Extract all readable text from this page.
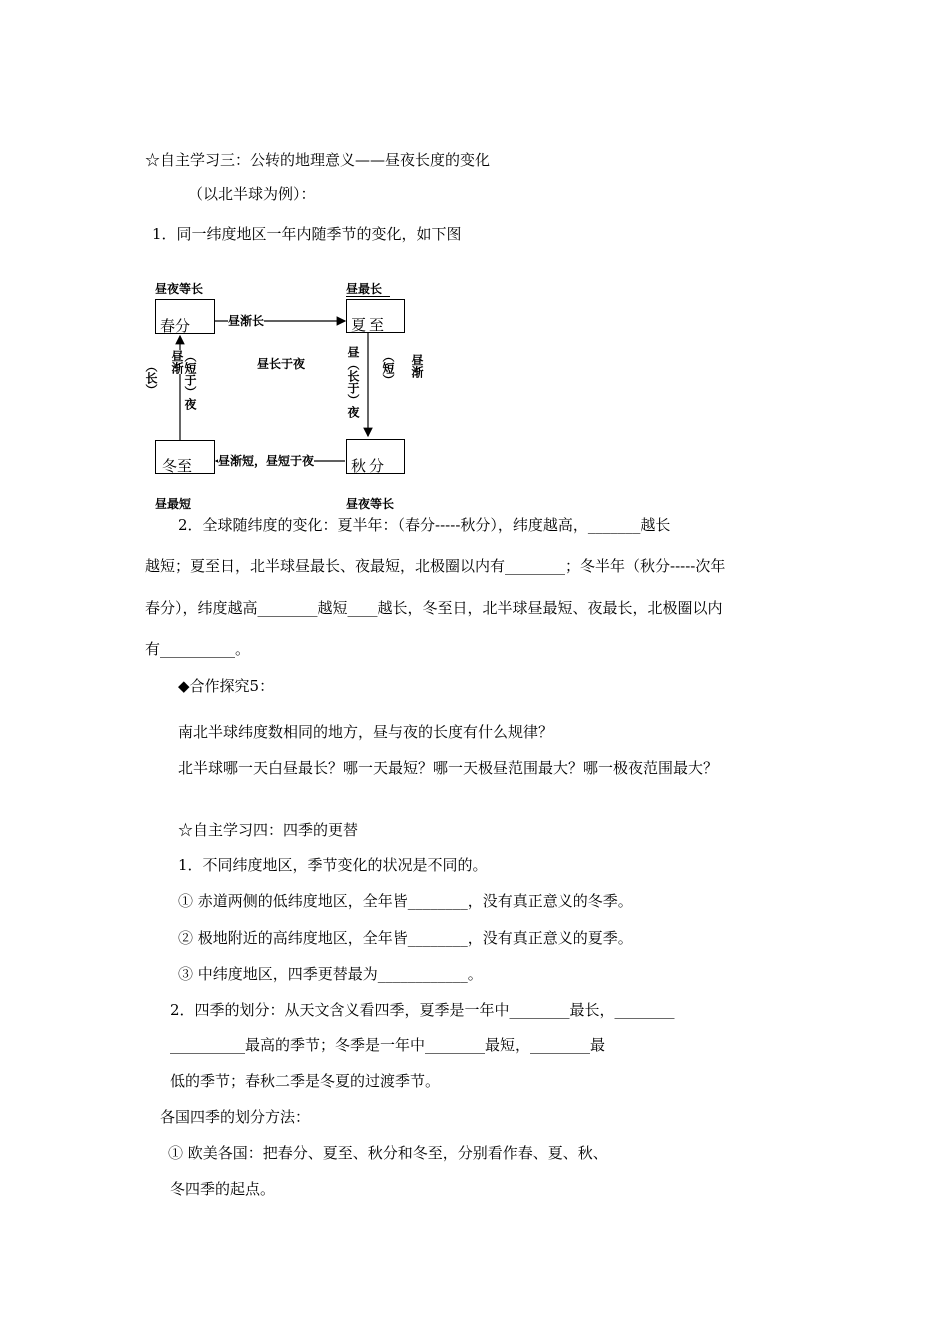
☆自主学习三：公转的地理意义——昼夜长度的变化
（以北半球为例）：
1．同一纬度地区一年内随季节的变化，如下图
昼夜等长	昼最长
春分	夏至
秋分
冬至
昼渐长
昼长于夜
（长） 昼渐 （短于）夜	昼（长于）夜 （短） 昼渐
昼渐短，昼短于夜
昼最短	昼夜等长
2．全球随纬度的变化：夏半年：（春分-----秋分），纬度越高，_______越长
越短；夏至日，北半球昼最长、夜最短，北极圈以内有________；冬半年（秋分-----次年
春分），纬度越高________越短____越长，冬至日，北半球昼最短、夜最长，北极圈以内
有__________。
◆合作探究5：
南北半球纬度数相同的地方，昼与夜的长度有什么规律？
北半球哪一天白昼最长？哪一天最短？哪一天极昼范围最大？哪一极夜范围最大？
☆自主学习四：四季的更替
1．不同纬度地区，季节变化的状况是不同的。
① 赤道两侧的低纬度地区，全年皆________，没有真正意义的冬季。
② 极地附近的高纬度地区，全年皆________，没有真正意义的夏季。
③ 中纬度地区，四季更替最为____________。
2．四季的划分：从天文含义看四季，夏季是一年中________最长，________
__________最高的季节；冬季是一年中________最短，________最
低的季节；春秋二季是冬夏的过渡季节。
各国四季的划分方法：
① 欧美各国：把春分、夏至、秋分和冬至，分别看作春、夏、秋、
冬四季的起点。
